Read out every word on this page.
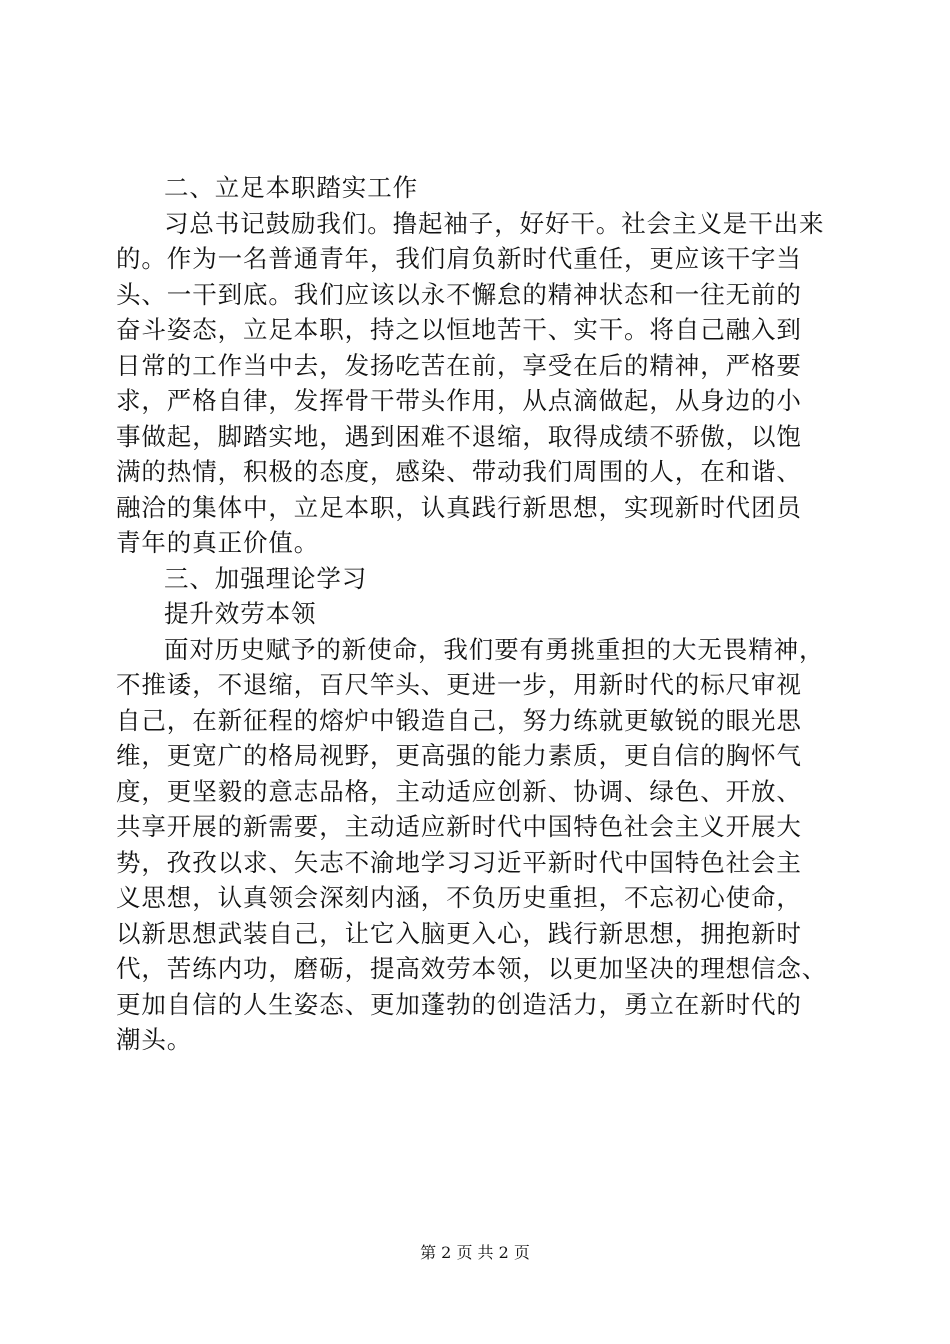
二、立足本职踏实工作
习总书记鼓励我们。撸起袖子，好好干。社会主义是干出来
的。作为一名普通青年，我们肩负新时代重任，更应该干字当
头、一干到底。我们应该以永不懈怠的精神状态和一往无前的
奋斗姿态，立足本职，持之以恒地苦干、实干。将自己融入到
日常的工作当中去，发扬吃苦在前，享受在后的精神，严格要
求，严格自律，发挥骨干带头作用，从点滴做起，从身边的小
事做起，脚踏实地，遇到困难不退缩，取得成绩不骄傲，以饱
满的热情，积极的态度，感染、带动我们周围的人，在和谐、
融洽的集体中，立足本职，认真践行新思想，实现新时代团员
青年的真正价值。
三、加强理论学习
提升效劳本领
面对历史赋予的新使命，我们要有勇挑重担的大无畏精神，
不推诿，不退缩，百尺竿头、更进一步，用新时代的标尺审视
自己，在新征程的熔炉中锻造自己，努力练就更敏锐的眼光思
维，更宽广的格局视野，更高强的能力素质，更自信的胸怀气
度，更坚毅的意志品格，主动适应创新、协调、绿色、开放、
共享开展的新需要，主动适应新时代中国特色社会主义开展大
势，孜孜以求、矢志不渝地学习习近平新时代中国特色社会主
义思想，认真领会深刻内涵，不负历史重担，不忘初心使命，
以新思想武装自己，让它入脑更入心，践行新思想，拥抱新时
代，苦练内功，磨砺，提高效劳本领，以更加坚决的理想信念、
更加自信的人生姿态、更加蓬勃的创造活力，勇立在新时代的
潮头。
第 2 页 共 2 页
